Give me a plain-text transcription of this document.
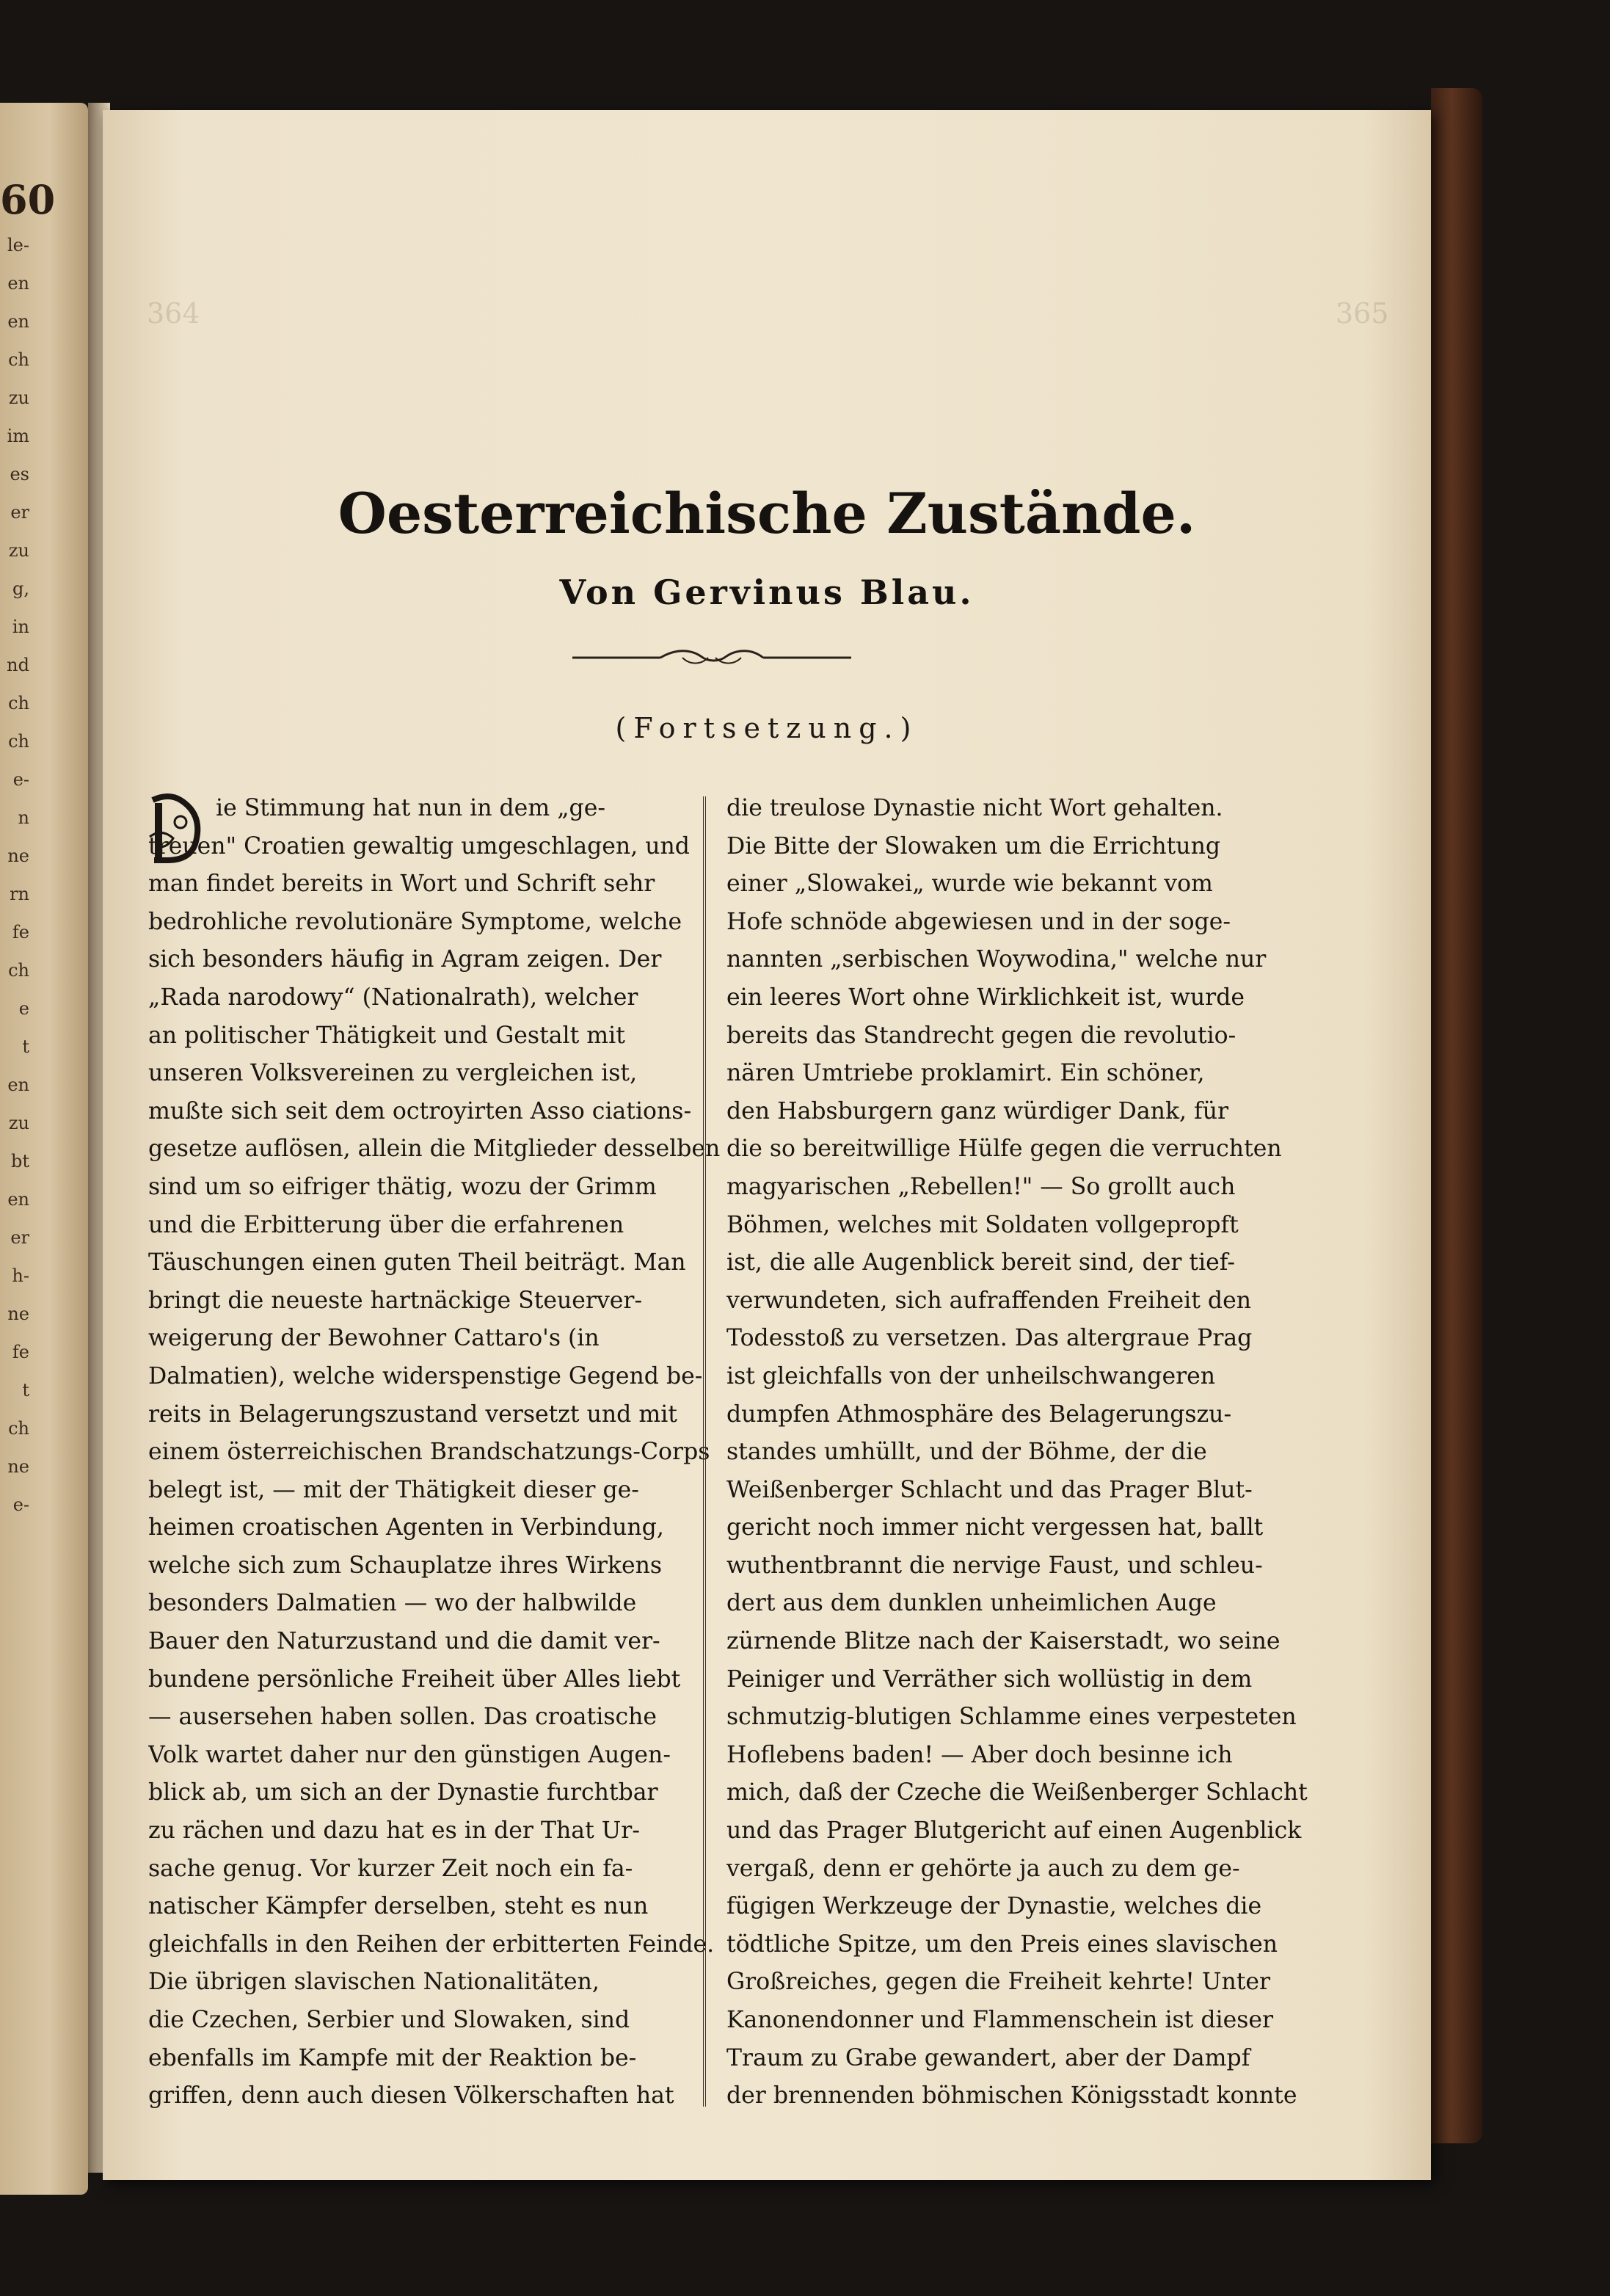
60
le-
en
en
ch
zu
im
es
er
zu
g,
in
nd
ch
ch
e-
n
ne
rn
fe
ch
e
t
en
zu
bt
en
er
h-
ne
fe
t
ch
ne
e-
364	365
Oesterreichische Zustände.
Von Gervinus Blau.
(Fortsetzung.)
ie Stimmung hat nun in dem „ge-
treuen" Croatien gewaltig umgeschlagen, und
man findet bereits in Wort und Schrift sehr
bedrohliche revolutionäre Symptome, welche
sich besonders häufig in Agram zeigen. Der
„Rada narodowy“ (Nationalrath), welcher
an politischer Thätigkeit und Gestalt mit
unseren Volksvereinen zu vergleichen ist,
mußte sich seit dem octroyirten Asso ciations-
gesetze auflösen, allein die Mitglieder desselben
sind um so eifriger thätig, wozu der Grimm
und die Erbitterung über die erfahrenen
Täuschungen einen guten Theil beiträgt. Man
bringt die neueste hartnäckige Steuerver-
weigerung der Bewohner Cattaro's (in
Dalmatien), welche widerspenstige Gegend be-
reits in Belagerungszustand versetzt und mit
einem österreichischen Brandschatzungs-Corps
belegt ist, — mit der Thätigkeit dieser ge-
heimen croatischen Agenten in Verbindung,
welche sich zum Schauplatze ihres Wirkens
besonders Dalmatien — wo der halbwilde
Bauer den Naturzustand und die damit ver-
bundene persönliche Freiheit über Alles liebt
— ausersehen haben sollen. Das croatische
Volk wartet daher nur den günstigen Augen-
blick ab, um sich an der Dynastie furchtbar
zu rächen und dazu hat es in der That Ur-
sache genug. Vor kurzer Zeit noch ein fa-
natischer Kämpfer derselben, steht es nun
gleichfalls in den Reihen der erbitterten Feinde.
Die übrigen slavischen Nationalitäten,
die Czechen, Serbier und Slowaken, sind
ebenfalls im Kampfe mit der Reaktion be-
griffen, denn auch diesen Völkerschaften hat
die treulose Dynastie nicht Wort gehalten.
Die Bitte der Slowaken um die Errichtung
einer „Slowakei„ wurde wie bekannt vom
Hofe schnöde abgewiesen und in der soge-
nannten „serbischen Woywodina," welche nur
ein leeres Wort ohne Wirklichkeit ist, wurde
bereits das Standrecht gegen die revolutio-
nären Umtriebe proklamirt. Ein schöner,
den Habsburgern ganz würdiger Dank, für
die so bereitwillige Hülfe gegen die verruchten
magyarischen „Rebellen!" — So grollt auch
Böhmen, welches mit Soldaten vollgepropft
ist, die alle Augenblick bereit sind, der tief-
verwundeten, sich aufraffenden Freiheit den
Todesstoß zu versetzen. Das altergraue Prag
ist gleichfalls von der unheilschwangeren
dumpfen Athmosphäre des Belagerungszu-
standes umhüllt, und der Böhme, der die
Weißenberger Schlacht und das Prager Blut-
gericht noch immer nicht vergessen hat, ballt
wuthentbrannt die nervige Faust, und schleu-
dert aus dem dunklen unheimlichen Auge
zürnende Blitze nach der Kaiserstadt, wo seine
Peiniger und Verräther sich wollüstig in dem
schmutzig-blutigen Schlamme eines verpesteten
Hoflebens baden! — Aber doch besinne ich
mich, daß der Czeche die Weißenberger Schlacht
und das Prager Blutgericht auf einen Augenblick
vergaß, denn er gehörte ja auch zu dem ge-
fügigen Werkzeuge der Dynastie, welches die
tödtliche Spitze, um den Preis eines slavischen
Großreiches, gegen die Freiheit kehrte! Unter
Kanonendonner und Flammenschein ist dieser
Traum zu Grabe gewandert, aber der Dampf
der brennenden böhmischen Königsstadt konnte
